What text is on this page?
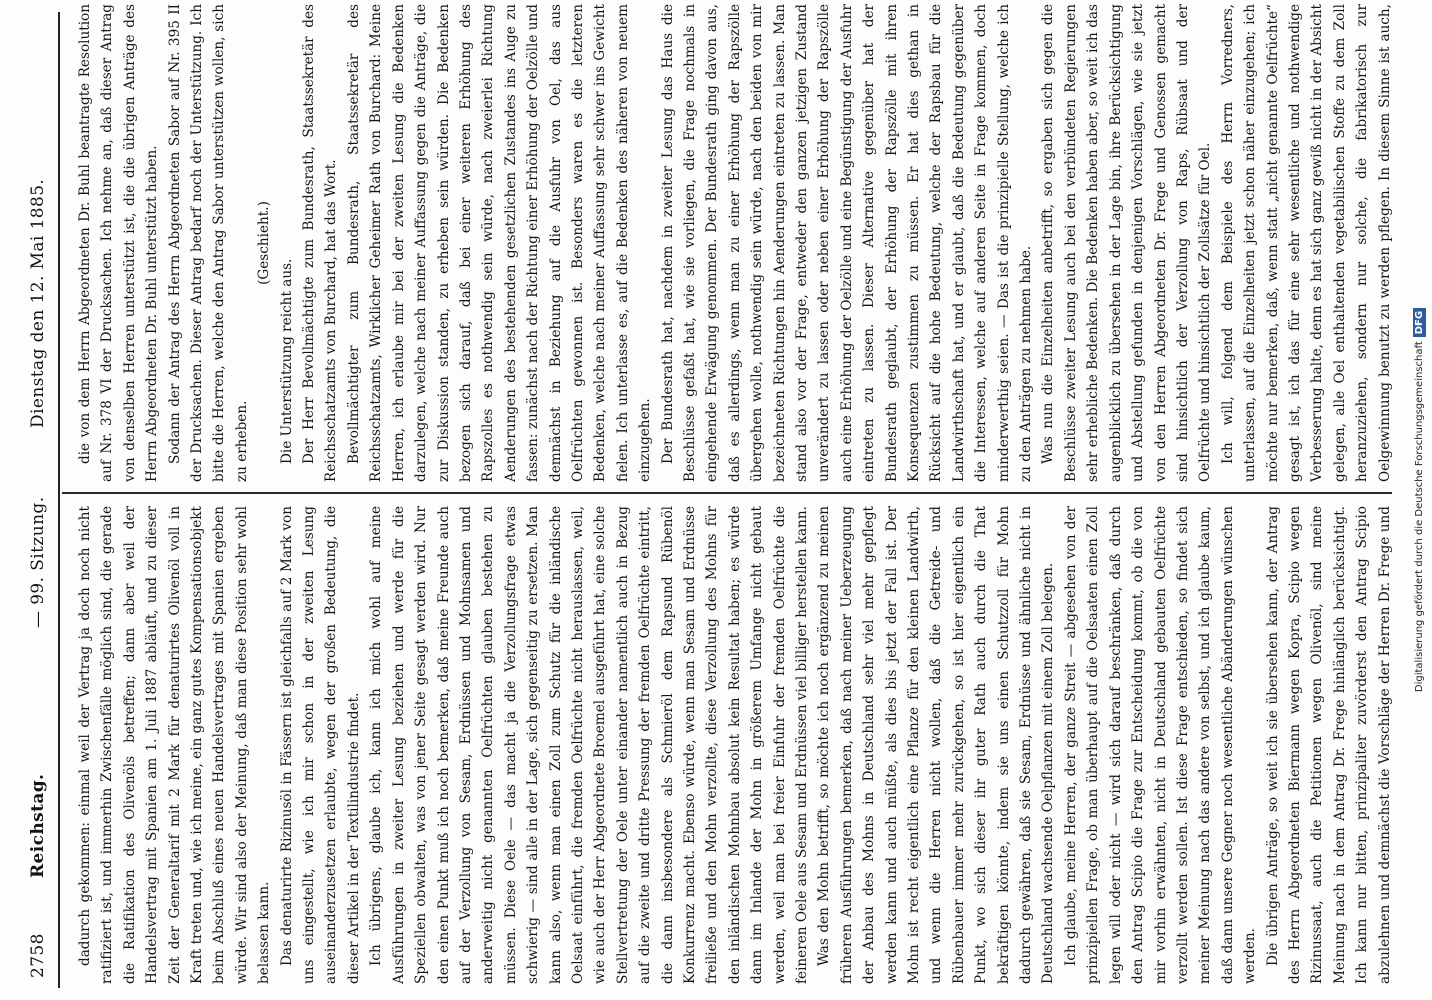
2758
Reichstag.
— 99. Sitzung.
Dienstag den 12. Mai 1885.

dadurch gekommen: einmal weil der Vertrag ja doch noch nicht ratifiziert ist, und immerhin Zwischenfälle möglich sind, die gerade die Ratifikation des Olivenöls betreffen; dann aber weil der Handelsvertrag mit Spanien am 1. Juli 1887 abläuft, und zu dieser Zeit der Generaltarif mit 2 Mark für denaturirtes Olivenöl voll in Kraft treten und, wie ich meine, ein ganz gutes Kompensationsobjekt beim Abschluß eines neuen Handelsvertrages mit Spanien ergeben würde. Wir sind also der Meinung, daß man diese Position sehr wohl belassen kann. Das denaturirte Rizinusöl in Fässern ist gleichfalls auf 2 Mark von uns eingestellt, wie ich mir schon in der zweiten Lesung auseinanderzusetzen erlaubte, wegen der großen Bedeutung, die dieser Artikel in der Textilindustrie findet. Ich übrigens, glaube ich, kann ich mich wohl auf meine Ausführungen in zweiter Lesung beziehen und werde für die Speziellen obwalten, was von jener Seite gesagt werden wird. Nur den einen Punkt muß ich noch bemerken, daß meine Freunde auch auf der Verzollung von Sesam, Erdnüssen und Mohnsamen und anderweitig nicht genannten Oelfrüchten glauben bestehen zu müssen. Diese Oele — das macht ja die Verzollungsfrage etwas schwierig — sind alle in der Lage, sich gegenseitig zu ersetzen. Man kann also, wenn man einen Zoll zum Schutz für die inländische Oelsaat einführt, die fremden Oelfrüchte nicht herauslassen, weil, wie auch der Herr Abgeordnete Broemel ausgeführt hat, eine solche Stellvertretung der Oele unter einander namentlich auch in Bezug auf die zweite und dritte Pressung der fremden Oelfrüchte eintritt, die dann insbesondere als Schmieröl dem Rapsund Rübenöl Konkurrenz macht. Ebenso würde, wenn man Sesam und Erdnüsse freiließe und den Mohn verzollte, diese Verzollung des Mohns für den inländischen Mohnbau absolut kein Resultat haben; es würde dann im Inlande der Mohn in größerem Umfange nicht gebaut werden, weil man bei freier Einfuhr der fremden Oelfrüchte die feineren Oele aus Sesam und Erdnüssen viel billiger herstellen kann. Was den Mohn betrifft, so möchte ich noch ergänzend zu meinen früheren Ausführungen bemerken, daß nach meiner Ueberzeugung der Anbau des Mohns in Deutschland sehr viel mehr gepflegt werden kann und auch müßte, als dies bis jetzt der Fall ist. Der Mohn ist recht eigentlich eine Pflanze für den kleinen Landwirth, und wenn die Herren nicht wollen, daß die Getreide- und Rübenbauer immer mehr zurückgehen, so ist hier eigentlich ein Punkt, wo sich dieser ihr guter Rath auch durch die That bekräftigen könnte, indem sie uns einen Schutzzoll für Mohn dadurch gewähren, daß sie Sesam, Erdnüsse und ähnliche nicht in Deutschland wachsende Oelpflanzen mit einem Zoll belegen. Ich glaube, meine Herren, der ganze Streit — abgesehen von der prinzipiellen Frage, ob man überhaupt auf die Oelsaaten einen Zoll legen will oder nicht — wird sich darauf beschränken, daß durch den Antrag Scipio die Frage zur Entscheidung kommt, ob die von mir vorhin erwähnten, nicht in Deutschland gebauten Oelfrüchte verzollt werden sollen. Ist diese Frage entschieden, so findet sich meiner Meinung nach das andere von selbst, und ich glaube kaum, daß dann unsere Gegner noch wesentliche Abänderungen wünschen werden. Die übrigen Anträge, so weit ich sie übersehen kann, der Antrag des Herrn Abgeordneten Biermann wegen Kopra, Scipio wegen Rizinussaat, auch die Petitionen wegen Olivenöl, sind meine Meinung nach in dem Antrag Dr. Frege hinlänglich berücksichtigt. Ich kann nur bitten, prinzipaliter zuvörderst den Antrag Scipio abzulehnen und demnächst die Vorschläge der Herren Dr. Frege und

die von dem Herrn Abgeordneten Dr. Buhl beantragte Resolution auf Nr. 378 VI der Drucksachen. Ich nehme an, daß dieser Antrag von denselben Herren unterstützt ist, die die übrigen Anträge des Herrn Abgeordneten Dr. Buhl unterstützt haben. Sodann der Antrag des Herrn Abgeordneten Sabor auf Nr. 395 II der Drucksachen. Dieser Antrag bedarf noch der Unterstützung. Ich bitte die Herren, welche den Antrag Sabor unterstützen wollen, sich zu erheben.

(Geschieht.)

Die Unterstützung reicht aus. Der Herr Bevollmächtigte zum Bundesrath, Staatssekretär des Reichsschatzamts von Burchard, hat das Wort. Bevollmächtigter zum Bundesrath, Staatssekretär des Reichsschatzamts, Wirklicher Geheimer Rath von Burchard: Meine Herren, ich erlaube mir bei der zweiten Lesung die Bedenken darzulegen, welche nach meiner Auffassung gegen die Anträge, die zur Diskussion standen, zu erheben sein würden. Die Bedenken bezogen sich darauf, daß bei einer weiteren Erhöhung des Rapszolles es nothwendig sein würde, nach zweierlei Richtung Aenderungen des bestehenden gesetzlichen Zustandes ins Auge zu fassen: zunächst nach der Richtung einer Erhöhung der Oelzölle und demnächst in Beziehung auf die Ausfuhr von Oel, das aus Oelfrüchten gewonnen ist. Besonders waren es die letzteren Bedenken, welche nach meiner Auffassung sehr schwer ins Gewicht fielen. Ich unterlasse es, auf die Bedenken des näheren von neuem einzugehen. Der Bundesrath hat, nachdem in zweiter Lesung das Haus die Beschlüsse gefaßt hat, wie sie vorliegen, die Frage nochmals in eingehende Erwägung genommen. Der Bundesrath ging davon aus, daß es allerdings, wenn man zu einer Erhöhung der Rapszölle übergehen wolle, nothwendig sein würde, nach den beiden von mir bezeichneten Richtungen hin Aenderungen eintreten zu lassen. Man stand also vor der Frage, entweder den ganzen jetzigen Zustand unverändert zu lassen oder neben einer Erhöhung der Rapszölle auch eine Erhöhung der Oelzölle und eine Begünstigung der Ausfuhr eintreten zu lassen. Dieser Alternative gegenüber hat der Bundesrath geglaubt, der Erhöhung der Rapszölle mit ihren Konsequenzen zustimmen zu müssen. Er hat dies gethan in Rücksicht auf die hohe Bedeutung, welche der Rapsbau für die Landwirthschaft hat, und er glaubt, daß die Bedeutung gegenüber die Interessen, welche auf anderen Seite in Frage kommen, doch minderwerthig seien. — Das ist die prinzipielle Stellung, welche ich zu den Anträgen zu nehmen habe. Was nun die Einzelheiten anbetrifft, so ergaben sich gegen die Beschlüsse zweiter Lesung auch bei den verbündeten Regierungen sehr erhebliche Bedenken. Die Bedenken haben aber, so weit ich das augenblicklich zu übersehen in der Lage bin, ihre Berücksichtigung und Abstellung gefunden in denjenigen Vorschlägen, wie sie jetzt von den Herren Abgeordneten Dr. Frege und Genossen gemacht sind hinsichtlich der Verzollung von Raps, Rübsaat und der Oelfrüchte und hinsichtlich der Zollsätze für Oel. Ich will, folgend dem Beispiele des Herrn Vorredners, unterlassen, auf die Einzelheiten jetzt schon näher einzugehen; ich möchte nur bemerken, daß, wenn statt „nicht genannte Oelfrüchte“ gesagt ist, ich das für eine sehr wesentliche und nothwendige Verbesserung halte, denn es hat sich ganz gewiß nicht in der Absicht gelegen, alle Oel enthaltenden vegetabilischen Stoffe zu dem Zoll heranzuziehen, sondern nur solche, die fabrikatorisch zur Oelgewinnung benutzt zu werden pflegen. In diesem Sinne ist auch,

Digitalisierung gefördert durch die Deutsche ForschungsgemeinschaftDFG
